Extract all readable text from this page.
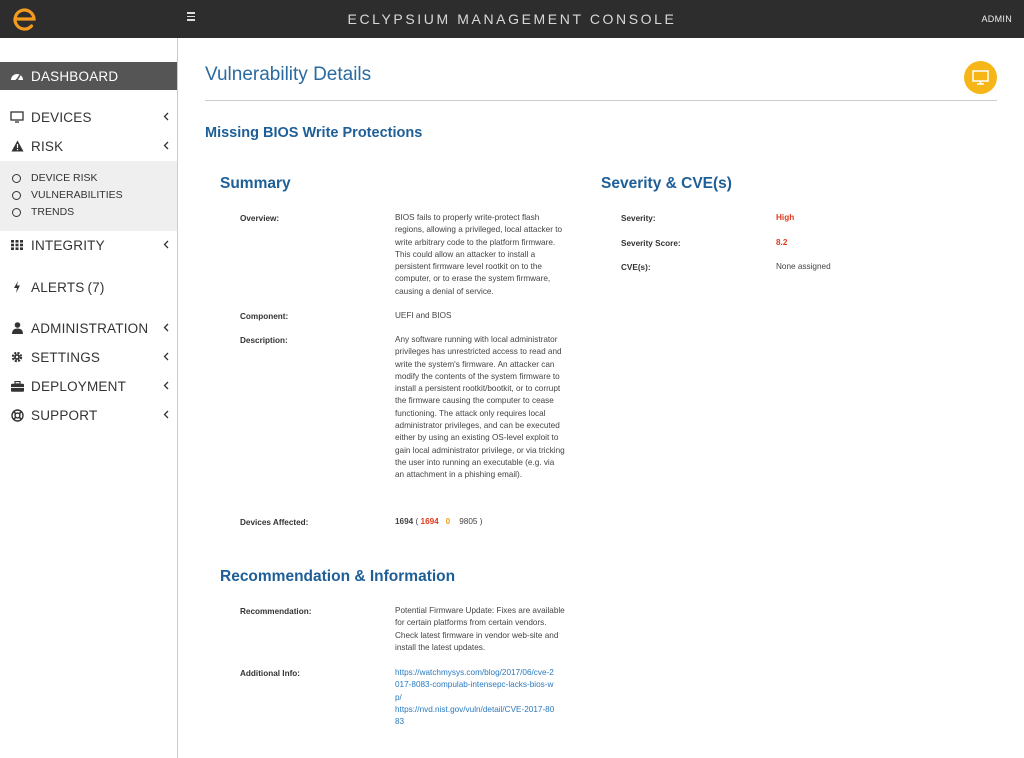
ECLYPSIUM MANAGEMENT CONSOLE	ADMIN
DASHBOARD
DEVICES
RISK
DEVICE RISK
VULNERABILITIES
TRENDS
INTEGRITY
ALERTS (7)
ADMINISTRATION
SETTINGS
DEPLOYMENT
SUPPORT
Vulnerability Details
Missing BIOS Write Protections
Summary
Overview:	BIOS fails to properly write-protect flash regions, allowing a privileged, local attacker to write arbitrary code to the platform firmware. This could allow an attacker to install a persistent firmware level rootkit on to the computer, or to erase the system firmware, causing a denial of service.
Component:	UEFI and BIOS
Description:	Any software running with local administrator privileges has unrestricted access to read and write the system's firmware. An attacker can modify the contents of the system firmware to install a persistent rootkit/bootkit, or to corrupt the firmware causing the computer to cease functioning. The attack only requires local administrator privileges, and can be executed either by using an existing OS-level exploit to gain local administrator privilege, or via tricking the user into running an executable (e.g. via an attachment in a phishing email).
Devices Affected:	1694 ( 1694 0 9805 )
Severity & CVE(s)
Severity:	High
Severity Score:	8.2
CVE(s):	None assigned
Recommendation & Information
Recommendation:	Potential Firmware Update: Fixes are available for certain platforms from certain vendors. Check latest firmware in vendor web-site and install the latest updates.
Additional Info:	https://watchmysys.com/blog/2017/06/cve-2017-8083-compulab-intensepc-lacks-bios-wp/
https://nvd.nist.gov/vuln/detail/CVE-2017-8083
